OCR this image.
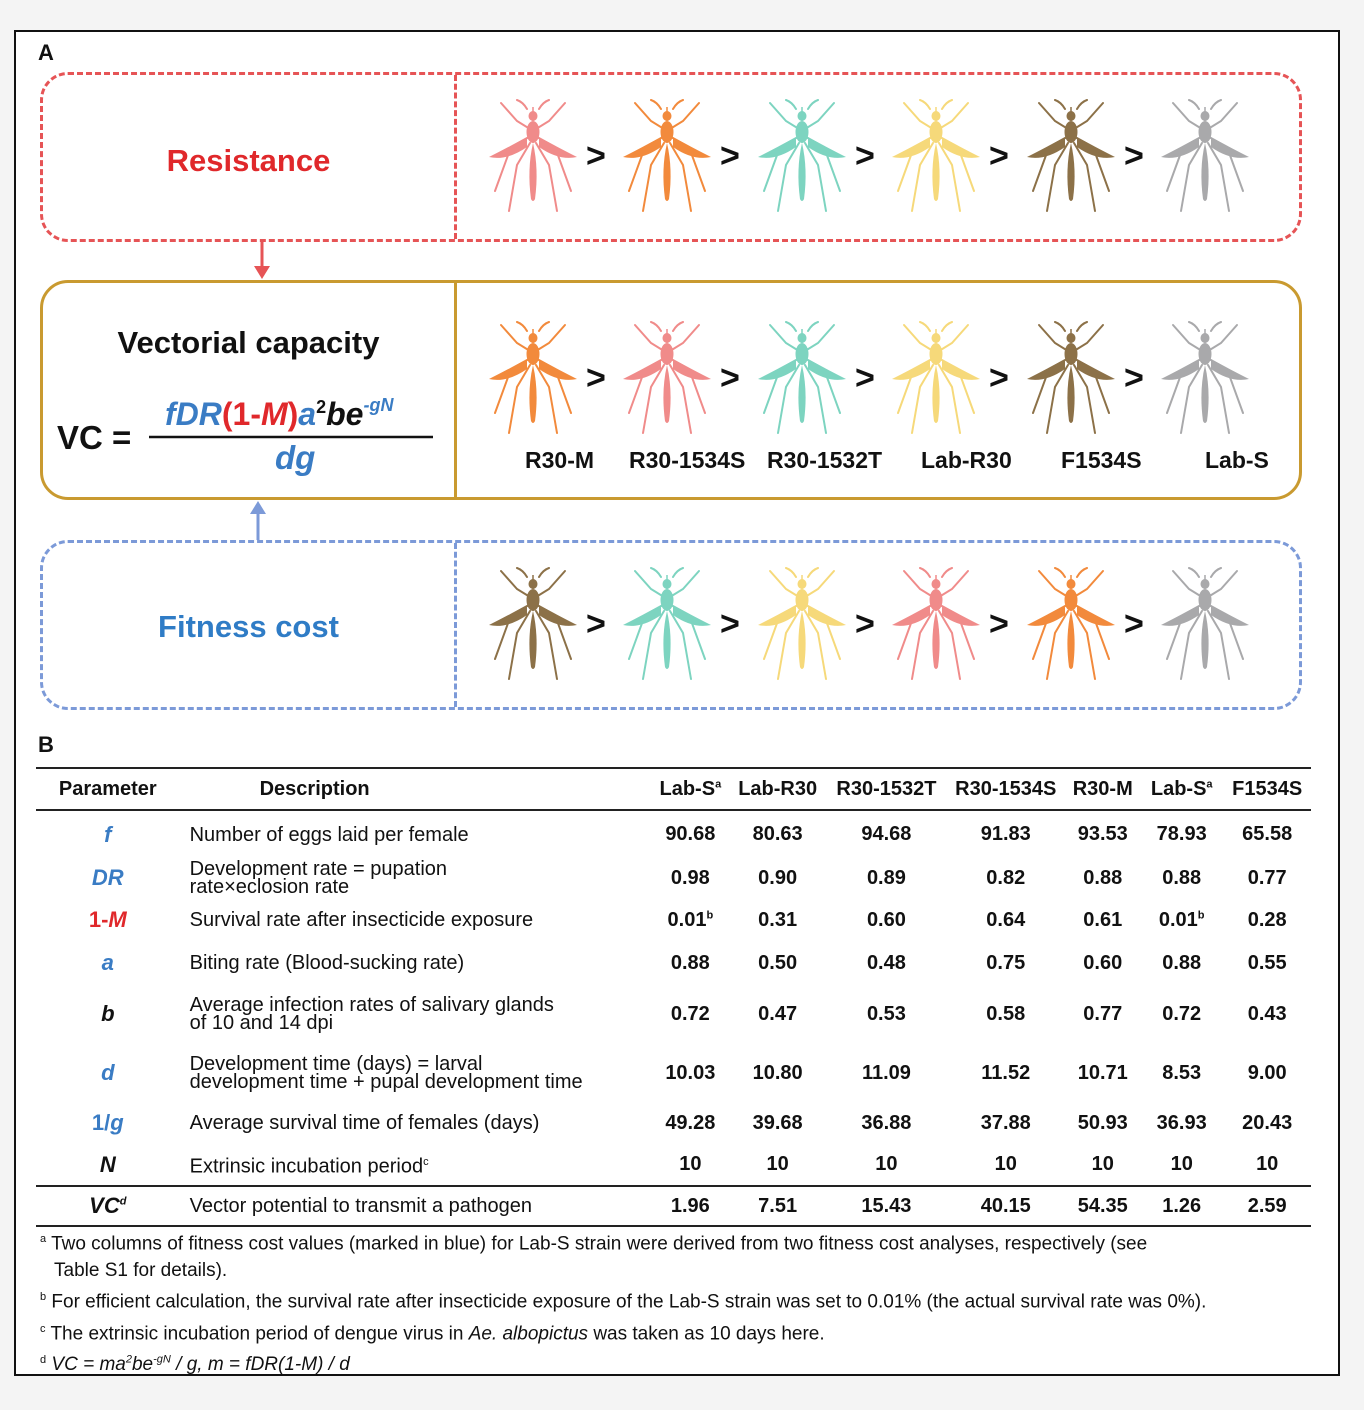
A
Resistance	>	>	>	>	>
Vectorial capacity
VC =
$fDR(1-M)a^2be^{-gN}$
dg
>	>	>	>	>
R30-M R30-1534S R30-1532T Lab-R30 F1534S	Lab-S
Fitness cost	>	>	>	>	>
B
Parameter	Description	Lab-S$^a$	Lab-R30	R30-1532T	R30-1534S	R30-M	Lab-S$^a$	F1534S
f	Number of eggs laid per female	90.68	80.63	94.68	91.83	93.53	78.93	65.58
DR	Development rate = pupation
rate×eclosion rate	0.98	0.90	0.89	0.82	0.88	0.88	0.77
1-M	Survival rate after insecticide exposure	0.01$^b$	0.31	0.60	0.64	0.61	0.01$^b$	0.28
a	Biting rate (Blood-sucking rate)	0.88	0.50	0.48	0.75	0.60	0.88	0.55
b	Average infection rates of salivary glands
of 10 and 14 dpi	0.72	0.47	0.53	0.58	0.77	0.72	0.43
d	Development time (days) = larval
development time + pupal development time	10.03	10.80	11.09	11.52	10.71	8.53	9.00
1/g	Average survival time of females (days)	49.28	39.68	36.88	37.88	50.93	36.93	20.43
N	Extrinsic incubation period$^c$	10	10	10	10	10	10	10
VC$^d$	Vector potential to transmit a pathogen	1.96	7.51	15.43	40.15	54.35	1.26	2.59

$^a$ Two columns of fitness cost values (marked in blue) for Lab-S strain were derived from two fitness cost analyses, respectively (see

Table S1 for details).

$^b$ For efficient calculation, the survival rate after insecticide exposure of the Lab-S strain was set to 0.01% (the actual survival rate was 0%).

$^c$ The extrinsic incubation period of dengue virus in Ae. albopictus was taken as 10 days here.

$^d$ VC = $ma^2be^{-gN}$ / g, m = fDR(1-M) / d
